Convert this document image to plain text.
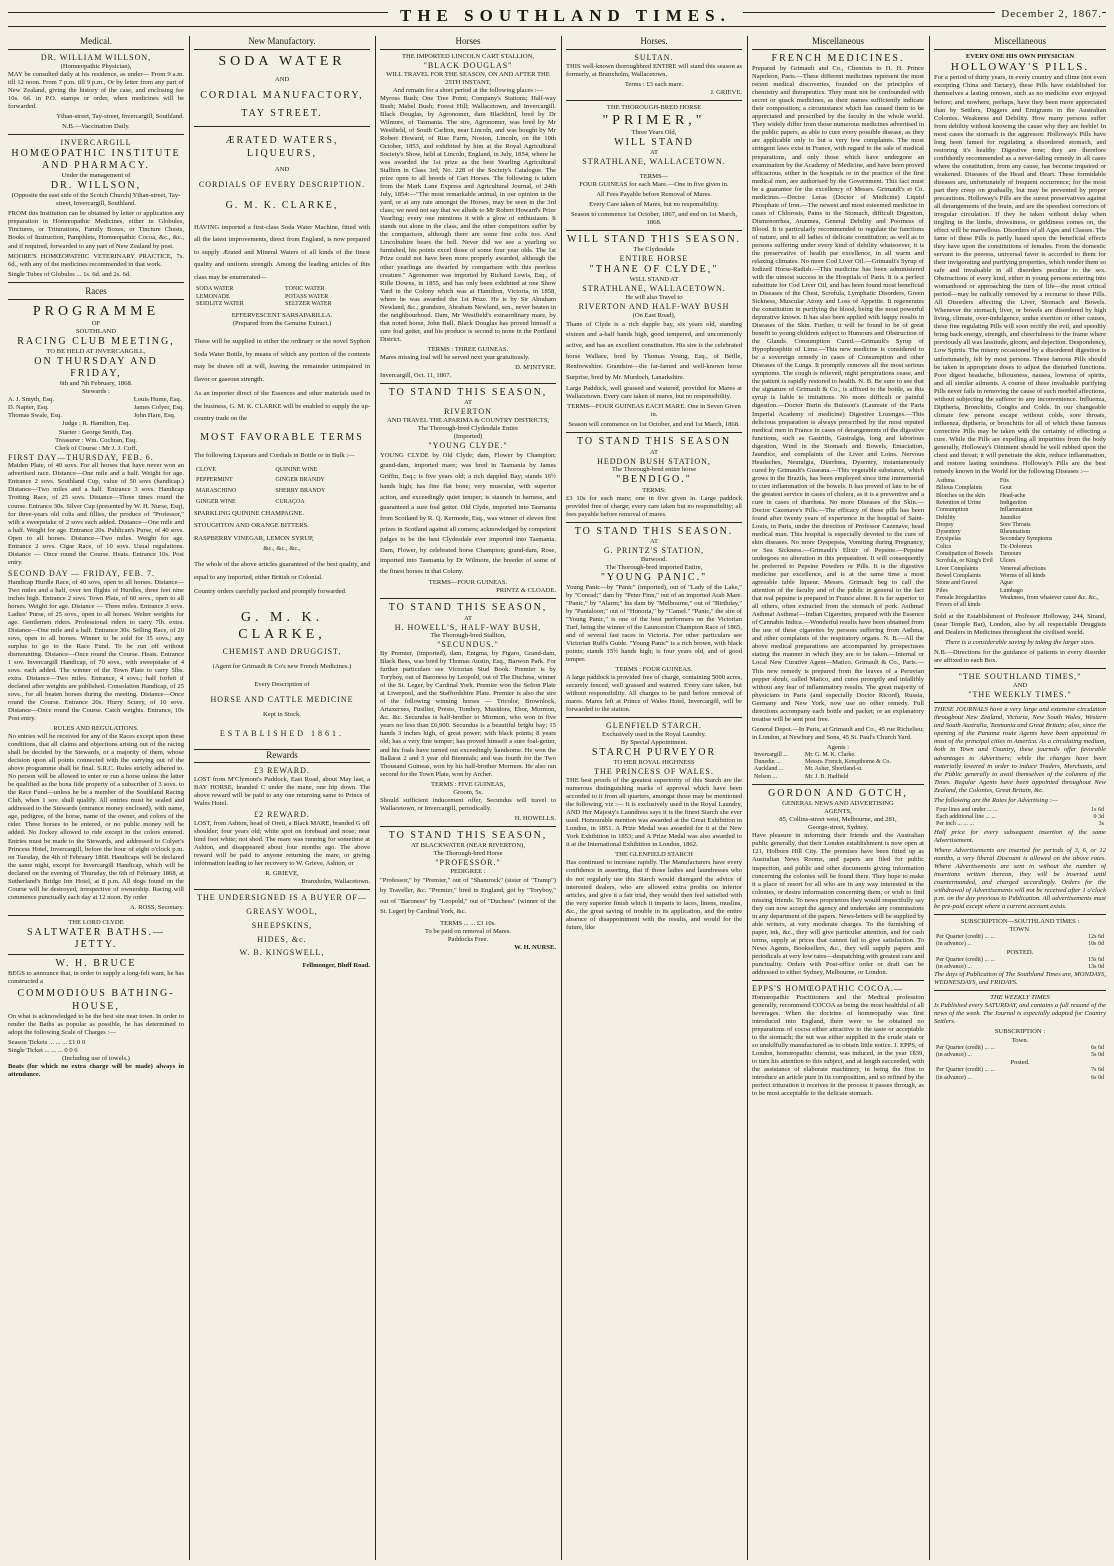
THE SOUTHLAND TIMES.	December 2, 1867.
Medical.
DR. WILLIAM WILLSON,
(Homœopathic Physician),

MAY be consulted daily at his residence, as under— From 9 a.m. till 12 noon. From 7 p.m. till 9 p.m., Or by letter from any part of New Zealand, giving the history of the case, and enclosing fee 10s. 6d. in P.O. stamps or order, when medicines will be forwarded.

Ythan-street, Tay-street, Invercargill, Southland.

N.B.—Vaccination Daily.
INVERCARGILL
HOMŒOPATHIC INSTITUTE
AND PHARMACY.
Under the management of
DR. WILLSON,

(Opposite the east side of the Scotch Church) Ythan-street, Tay-street, Invercargill, Southland.

FROM this Institution can be obtained by letter or application any preparation in Homœopathic Medicines, either in Globules, Tinctures, or Triturations, Family Boxes, or Tincture Chests, Books of Instruction, Pamphlets, Homœopathic Cocoa, &c., &c., and if required, forwarded to any part of New Zealand by post.

MOORE'S HOMŒOPATHIC VETERINARY PRACTICE, 7s. 6d., with any of the medicines recommended in that work.

Single Tubes of Globules ... 1s. 6d. and 2s. 6d.

Races
PROGRAMME
OF
SOUTHLAND
RACING CLUB MEETING,
TO BE HELD AT INVERCARGILL,
ON THURSDAY AND FRIDAY,
6th and 7th February, 1868.
Stewards :
A. J. Smyth, Esq.
D. Napier, Esq.
Thomas Swale, Esq.
Louis Hume, Esq.
James Colyer, Esq.
John Hare, Esq.
Judge : R. Hamilton, Esq.
Starter : George Smith, Esq.
Treasurer : Wm. Cochran, Esq.
Clerk of Course : Mr J. J. Cuff.
FIRST DAY—THURSDAY, FEB. 6.

Maiden Plate, of 40 sovs. For all horses that have never won an advertised race. Distance—One mile and a half. Weight for age. Entrance 2 sovs. Southland Cup, value of 50 sovs (handicap.) Distance—Two miles and a half. Entrance 3 sovs. Handicap Trotting Race, of 25 sovs. Distance—Three times round the course. Entrance 30s. Silver Cup (presented by W. H. Nurse, Esq), for three-years old colts and fillies, the produce of "Professor," with a sweepstake of 2 sovs each added. Distance—One mile and a half. Weight for age. Entrance 20s. Publican's Purse, of 40 sovs. Open to all horses. Distance—Two miles. Weight for age. Entrance 2 sovs. Cigar Race, of 10 sovs. Usual regulations. Distance — Once round the Course. Heats. Entrance 10s. Post entry.

SECOND DAY — FRIDAY, FEB. 7.

Handicap Hurdle Race, of 40 sovs, open to all horses. Distance—Two miles and a half, over ten flights of Hurdles, three feet nine inches high. Entrance 2 sovs. Town Plate, of 60 sovs., open to all horses. Weight for age. Distance — Three miles. Entrance 3 sovs. Ladies' Purse, of 25 sovs., open to all horses. Welter weights for age. Gentlemen riders. Professional riders to carry 7lb. extra. Distance—One mile and a half. Entrance 30s. Selling Race, of 20 sovs, open to all horses. Winner to be sold for 35 sovs.; any surplus to go to the Race Fund. To be run off without dismounting. Distance—Once round the Course. Heats. Entrance 1 sov. Invercargill Handicap, of 70 sovs., with sweepstake of 4 sovs. each added. The winner of the Town Plate to carry 5lbs. extra. Distance—Two miles. Entrance, 4 sovs.; half forfeit if declared after weights are published. Consolation Handicap, of 25 sovs., for all beaten horses during the meeting. Distance—Once round the Course. Entrance 20s. Hurry Scurry, of 10 sovs. Distance—Once round the Course. Catch weights. Entrance, 10s Post entry.

RULES AND REGULATIONS.

No entries will be received for any of the Races except upon these conditions, that all claims and objections arising out of the racing shall be decided by the Stewards, or a majority of them, whose decision upon all points connected with the carrying out of the above programme shall be final. S.R.C. Rules strictly adhered to. No person will be allowed to enter or run a horse unless the latter be qualified as the bona fide property of a subscriber of 3 sovs. to the Race Fund—unless he be a member of the Southland Racing Club, when 1 sov. shall qualify. All entries must be sealed and addressed to the Stewards (entrance money enclosed), with name, age, pedigree, of the horse, name of the owner, and colors of the rider. Three horses to be entered, or no public money will be added. No Jockey allowed to ride except in the colors entered. Entries must be made to the Stewards, and addressed to Colyer's Princess Hotel, Invercargill, before the hour of eight o'clock p.m. on Tuesday, the 4th of February 1868. Handicaps will be declared the same night, except for Invercargill Handicap, which will be declared on the evening of Thursday, the 6th of February 1868, at Sutherland's Bridge Inn Hotel, at 8 p.m. All dogs found on the Course will be destroyed, irrespective of ownership. Racing will commence punctually each day at 12 noon. By order

A. ROSS, Secretary.

THE LORD CLYDE
SALTWATER BATHS.—JETTY.
W. H. BRUCE

BEGS to announce that, in order to supply a long-felt want, he has constructed a

COMMODIOUS BATHING-HOUSE,

On what is acknowledged to be the best site near town. In order to render the Baths as popular as possible, he has determined to adopt the following Scale of Charges :—

Season Tickets ... ... ... £1 0 0
Single Ticket ... ... ... 0 0 6
(Including use of towels.)

Boats (for which no extra charge will be made) always in attendance.

New Manufactory.
SODA WATER
AND
CORDIAL MANUFACTORY,
TAY STREET.
ÆRATED WATERS, LIQUEURS,
AND
CORDIALS OF EVERY DESCRIPTION.
G. M. K. CLARKE,

HAVING imported a first-class Soda Water Machine, fitted with all the latest improvements, direct from England, is now prepared to supply Ærated and Mineral Waters of all kinds of the finest quality and uniform strength. Among the leading articles of this class may be enumerated—

SODA WATER	TONIC WATER
LEMONADE	POTASS WATER
SEIDLITZ WATER	SELTZER WATER
EFFERVESCENT SARSAPARILLA.
(Prepared from the Genuine Extract.)

These will be supplied in either the ordinary or the novel Syphon Soda Water Bottle, by means of which any portion of the contents may be drawn off at will, leaving the remainder unimpaired in flavor or gaseous strength.

As an importer direct of the Essences and other materials used in the business, G. M. K. CLARKE will be enabled to supply the up-country trade on the

MOST FAVORABLE TERMS

The following Liqueurs and Cordials in Bottle or in Bulk :—

CLOVE	QUININE WINE
PEPPERMINT	GINGER BRANDY
MARASCHINO	SHERRY BRANDY
GINGER WINE	CURAÇOA
SPARKLING QUININE CHAMPAGNE.
STOUGHTON AND ORANGE BITTERS.
RASPBERRY VINEGAR, LEMON SYRUP,
&c., &c., &c.,

The whole of the above articles guaranteed of the best quality, and equal to any imported, either British or Colonial.

Country orders carefully packed and promptly forwarded.

G. M. K. CLARKE,
CHEMIST AND DRUGGIST,
(Agent for Grimault & Co's new French Medicines.)
Every Description of
HORSE AND CATTLE MEDICINE
Kept in Stock.
ESTABLISHED 1861.
Rewards
£3 REWARD.

LOST from M'Clymont's Paddock, East Road, about May last, a BAY HORSE, branded C under the mane, one hip down. The above reward will be paid to any one returning same to Prince of Wales Hotel.

£2 REWARD.

LOST, from Ashton, head of Oreti, a Black MARE, branded G off shoulder; four years old; white spot on forehead and nose; near hind foot white; not shod. The mare was running for sometime at Ashton, and disappeared about four months ago. The above reward will be paid to anyone returning the mare, or giving information leading to her recovery to W. Grieve, Ashton, or

R. GRIEVE,
Branxholm, Wallacetown.
THE UNDERSIGNED IS A BUYER OF—
GREASY WOOL,
SHEEPSKINS,
HIDES, &c.
W. B. KINGSWELL,
Fellmonger, Bluff Road.
Horses
THE IMPORTED LINCOLN CART STALLION,
"BLACK DOUGLAS"
WILL TRAVEL FOR THE SEASON, ON AND AFTER THE 25TH INSTANT,
And remain for a short period at the following places :—

Myross Bush; One Tree Point; Company's Stations; Half-way Bush; Mabel Bush; Forest Hill; Wallacetown, and Invercargill. Black Douglas, by Agronomer, dam Blackbird, bred by Dr Wilmore, of Tasmania. The sire, Agronomer, was bred by Mr Westfield, of South Carlton, near Lincoln, and was bought by Mr Robert Howard, of Rise Farm, Noston, Lincoln, on the 10th October, 1853, and exhibited by him at the Royal Agricultural Society's Show, held at Lincoln, England, in July, 1854, where he was awarded the 1st prize as the best Yearling Agricultural Stallion in Class 3rd, No. 228 of the Society's Catalogue. The prize open to all breeds of Cart Horses. The following is taken from the Mark Lane Express and Agricultural Journal, of 24th July, 1854:—"The most remarkable animal, in our opinion in the yard, or at any rate amongst the Horses, may be seen in the 3rd class; we need not say that we allude to Mr Robert Howard's Prize Yearling; every one mentions it with a glow of enthusiasm. It stands out alone in the class, and the other competitors suffer by the comparison, although there are some fine colts too. And Lincolnshire bears the bell. Never did we see a yearling so furnished, his points excel those of some four year olds. The 1st Prize could not have been more properly awarded, although the other yearlings are dwarfed by comparison with this peerless creature." Agronomer was imported by Richard Lewis, Esq., of Rifle Downs, in 1855, and has only been exhibited at one Show Yard in the Colony which was at Hamilton, Victoria, in 1858, where he was awarded the 1st Prize. He is by Sir Abraham Newland, &c.; grandsire, Abraham Newland, sen., never beaten in the neighbourhood. Dam, Mr Westfield's extraordinary mare, by that noted horse, John Bull. Black Douglas has proved himself a sure foal getter, and his produce is second to none in the Portland District.

TERMS : THREE GUINEAS.

Mares missing foal will be served next year gratuitously.

D. M'INTYRE.
Invercargill, Oct. 11, 1867.
TO STAND THIS SEASON,
AT
RIVERTON
AND TRAVEL THE APARIMA & COUNTRY DISTRICTS,
The Thorough-bred Clydesdale Entire
(Imported)
"YOUNG CLYDE."

YOUNG CLYDE by Old Clyde; dam, Flower by Champion; grand-dam, imported mare; was bred in Tasmania by James Griffin, Esq.; is five years old; a rich dappled Bay; stands 16½ hands high; has fine flat bone; very muscular, with superior action, and exceedingly quiet temper; is staunch in harness, and guaranteed a sure foal getter. Old Clyde, imported into Tasmania from Scotland by R. Q. Kermode, Esq., was winner of eleven first prizes in Scotland against all comers; acknowledged by competent judges to be the best Clydesdale ever imported into Tasmania. Dam, Flower, by celebrated horse Champion; grand-dam, Rose, imported into Tasmania by Dr Wilmore, the breeder of some of the finest horses in that Colony.

TERMS—FOUR GUINEAS.
PRINTZ & CLOADE.
TO STAND THIS SEASON,
AT
H. HOWELL'S, HALF-WAY BUSH,
The Thorough-bred Stallion,
"SECUNDUS."

By Premier, (imported), dam, Enigma, by Figaro, Grand-dam, Black Bess, was bred by Thomas Austin, Esq., Barwon Park. For further particulars see Victorian Stud Book. Premier is by Toryboy, out of Baroness by Leopold, out of The Duchess, winner of the St. Leger, by Cardinal York. Premier won the Sefton Plate at Liverpool, and the Staffordshire Plate. Premier is also the sire of the following winning horses — Tricolor, Brownlock, Artaxerxes, Fusilier, Presto, Tomboy, Musidora, Ebor, Mormon, &c. &c. Secundus is half-brother to Mormon, who won in five years no less than £6,900. Secundus is a beautiful bright bay; 15 hands 3 inches high, of great power; with black points; 8 years old; has a very fine temper; has proved himself a sure foal-getter, and his foals have turned out exceedingly handsome. He won the Ballarat 2 and 3 year old Biennials; and was fourth for the Two Thousand Guineas, won by his half-brother Mormon. He also ran second for the Town Plate, won by Archer.

TERMS : FIVE GUINEAS,
Groom, 5s.

Should sufficient inducement offer, Secundus will travel to Wallacetown, or Invercargill, periodically.

H. HOWELLS.
TO STAND THIS SEASON,
AT BLACKWATER (NEAR RIVERTON),
The Thorough-bred Horse
"PROFESSOR."
PEDIGREE :

"Professor," by "Premier," out of "Shamrock" (sister of "Tramp") by Traveller, &c. "Premier," bred in England, got by "Toryboy," out of "Baroness" by "Leopold," out of "Duchess" (winner of the St. Leger) by Cardinal York, &c.

TERMS ... ... £3 10s.
To be paid on removal of Mares.
Paddocks Free.
W. H. NURSE.
Horses.
SULTAN.

THIS well-known thoroughbred ENTIRE will stand this season as formerly, at Branxholm, Wallacetown.

Terms : £3 each mare.
J. GRIEVE.
THE THOROUGH-BRED HORSE
"PRIMER,"
Three Years Old,
WILL STAND
AT
STRATHLANE, WALLACETOWN.
TERMS—

FOUR GUINEAS for each Mare.—One in five given in.

All Fees Payable before Removal of Mares.

Every Care taken of Mares, but no responsibility.

Season to commence 1st October, 1867, and end on 1st March, 1868.

WILL STAND THIS SEASON.
The Clydesdale
ENTIRE HORSE
"THANE OF CLYDE,"
WILL STAND AT
STRATHLANE, WALLACETOWN.
He will also Travel to
RIVERTON AND HALF-WAY BUSH
(On East Road),

Thane of Clyde is a rich dapple bay, six years old, standing sixteen and a-half hands high, good tempered, and uncommonly active, and has an excellent constitution. His sire is the celebrated horse Wallace, bred by Thomas Young, Esq., of Beille, Renfrewshire. Grandsire—the far-famed and well-known horse Surprise, bred by Mr. Murdoch, Lanarkshire.

Large Paddock, well grassed and watered, provided for Mares at Wallacetown. Every care taken of mares, but no responsibility.

TERMS—FOUR GUINEAS EACH MARE. One in Seven Given in.

Season will commence on 1st October, and end 1st March, 1868.

TO STAND THIS SEASON
AT
HEDDON BUSH STATION,
The Thorough-bred entire horse
"BENDIGO."
TERMS:

£3 10s for each mare; one in five given in. Large paddock provided free of charge; every care taken but no responsibility; all fees payable before removal of mares.

TO STAND THIS SEASON.
AT
G. PRINTZ'S STATION,
Burwood.
The Thorough-bred imported Entire,
"YOUNG PANIC."

Young Panic—by "Panic" (imported), out of "Lady of the Lake," by "Conrad;" dam by "Peter Finn," out of an imported Arab Mare. "Panic," by "Alarm;" his dam by "Melbourne," out of "Birthday," by "Pantaloon;" out of "Honoria," by "Camel." "Panic," the sire of "Young Panic," is one of the best performers on the Victorian Turf, being the winner of the Launceston Champion Race of 1865, and of several fast races in Victoria. For other particulars see Victorian Ruff's Guide. "Young Panic" is a rich brown, with black points; stands 15½ hands high; is four years old, and of good temper.

TERMS : FOUR GUINEAS.

A large paddock is provided free of charge, containing 5000 acres, securely fenced, well grassed and watered. Every care taken, but without responsibility. All charges to be paid before removal of mares. Mares left at Prince of Wales Hotel, Invercargill, will be forwarded to the station.

GLENFIELD STARCH.
Exclusively used in the Royal Laundry.
By Special Appointment.
STARCH PURVEYOR
TO HER ROYAL HIGHNESS
THE PRINCESS OF WALES.

THE best proofs of the greatest superiority of this Starch are the numerous distinguishing marks of approval which have been accorded to it from all quarters, amongst those may be mentioned the following, viz :— It is exclusively used in the Royal Laundry, AND Her Majesty's Laundress says it is the finest Starch she ever used. Honourable mention was awarded at the Great Exhibition in London, in 1851. A Prize Medal was awarded for it at the New York Exhibition in 1853; and A Prize Medal was also awarded to it at the International Exhibition in London, 1862.

THE GLENFIELD STARCH

Has continued to increase rapidly. The Manufacturers have every confidence in asserting, that if those ladies and laundresses who do not regularly use this Starch would disregard the advice of interested dealers, who are allowed extra profits on inferior articles, and give it a fair trial, they would then feel satisfied with the very superior finish which it imparts to laces, linens, muslins, &c., the great saving of trouble in its application, and the entire absence of disappointment with the results, and would for the future, like

Miscellaneous
FRENCH MEDICINES.

Prepared by Grimault and Co., Chemists to H. H. Prince Napoleon, Paris.—These different medicines represent the most recent medical discoveries, founded on the principles of chemistry and therapeutics. They must not be confounded with secret or quack medicines, as their names sufficiently indicate their composition; a circumstance which has caused them to be appreciated and prescribed by the faculty in the whole world. They widely differ from those numerous medicines advertised in the public papers, as able to cure every possible disease, as they are applicable only to but a very few complaints. The most stringent laws exist in France, with regard to the sale of medical preparations, and only those which have undergone an examination by the Academy of Medicine, and have been proved efficacious, either in the hospitals or in the practice of the first medical men, are authorised by the Government. This fact must be a guarantee for the excellency of Messrs. Grimault's et Co. medicines.—Doctor Leras (Doctor of Medicine) Liquid Phosphate of Iron.—The newest and most esteemed medicine in cases of Chlorosis, Pains in the Stomach, difficult Digestion, Dismenorrhea, Anæmea, General Debility and Poorness of Blood. It is particularly recommended to regulate the functions of nature, and to all ladies of delicate constitution; as well as to persons suffering under every kind of debility whatsoever, it is the preservative of health par excellence, in all warm and relaxing climates. No more Cod Liver Oil.—Grimault's Syrup of Iodized Horse-Radish.—This medicine has been administered with the utmost success in the Hospitals of Paris. It is a perfect substitute for Cod Liver Oil, and has been found most beneficial in Diseases of the Chest, Scrofula, Lymphatic Disorders, Green Sickness, Muscular Atony and Loss of Appetite. It regenerates the constitution in purifying the blood, being the most powerful depurative known. It has also been applied with happy results in Diseases of the Skin. Further, it will be found to be of great benefit to young children subject to Humours and Obstruction of the Glands. Consumption Cured.—Grimault's Syrup of Hypophosphite of Lime.—This new medicine is considered to be a sovereign remedy in cases of Consumption and other Diseases of the Lungs. It promptly removes all the most serious symptoms. The cough is relieved, night perspirations cease, and the patient is rapidly restored to health. N. B. Be sure to see that the signature of Grimault & Co., is affixed to the bottle, as this syrup is liable to imitations. No more difficult or painful digestion.—Doctor Burin du Buisson's (Laureate of the Paris Imperial Academy of medicine) Digestive Lozenges.—This delicious preparation is always prescribed by the most reputed medical men in France in cases of derangements of the digestive functions, such as Gastritis, Gastralgia, long and laborious digestion, Wind in the Stomach and Bowels, Emaciation, Jaundice, and complaints of the Liver and Loins. Nervous Headaches, Neuralgia, Diarrhœa, Dysentry, instantaneously cured by Grimault's Guarana.—This vegetable substance, which grows in the Brazils, has been employed since time immemorial to cure inflammation of the bowels. It has proved of late to be of the greatest service in cases of cholera, as it is a preventive and a cure in cases of diarrhœa. No more Diseases of the Skin.—Doctor Cazenave's Pills.—The efficacy of these pills has been found after twenty years of experience in the hospital of Saint-Louis, in Paris, under the direction of Professor Cazenave, head medical man. This hospital is especially devoted to the cure of skin diseases. No more Dyspepsia, Vomiting during Pregnancy, or Sea Sickness.—Grimault's Elixir of Pepsine.—Pepsine undergoes no alteration in this preparation. It will consequently be preferred to Pepsine Powders or Pills. It is the digestive medicine par excellence, and is at the same time a most agreeable table liqueur. Messrs. Grimault beg to call the attention of the faculty and of the public in general to the fact that real pepsine is prepared in France alone. It is far superior to all others, often extracted from the stomach of pork. Asthma! Asthma! Asthma!—Indian Cigarettes, prepared with the Essence of Cannabis Indica.—Wonderful results have been obtained from the use of these cigarettes by persons suffering from Asthma, and other complaints of the respiratory organs. N. B.—All the above medical preparations are accompanied by prospectuses stating the manner in which they are to be taken.—Internal or Local New Curative Agent—Matico. Grimault & Co., Paris.—This new remedy is prepared from the leaves of a Peruvian pepper shrub, called Matico, and cures promptly and infallibly without any fear of inflammatory results. The great majority of physicians in Paris (and especially Doctor Ricord), Russia, Germany and New York, now use no other remedy. Full directions accompany each bottle and packet; or an explanatory treatise will be sent post free.

General Depot.—In Paris, at Grimault and Co., 45 rue Richelieu; in London, at Newbury and Sons, 45 St. Paul's Church Yard.

Agents :
Invercargill ...	Mr. G. M. K. Clarke.
Dunedin ...	Messrs. French, Kempthorne & Co.
Auckland ...	Mr. Asher, Shortland-st.
Nelson ...	Mr. J. B. Hadfield
GORDON AND GOTCH,
GENERAL NEWS AND ADVERTISING
AGENTS,
85, Collins-street west, Melbourne, and 281,
George-street, Sydney.

Have pleasure in informing their friends and the Australian public generally, that their London establishment is now open at 121, Holborn Hill City. The premises have been fitted up as Australian News Rooms, and papers are filed for public inspection, and public and other documents giving information concerning the colonies will be found there. They hope to make it a place of resort for all who are in any way interested in the colonies, or desire information concerning them, or wish to find missing friends. To news proprietors they would respectfully say they can now accept the agency and undertake any commissions in any department of the papers. News-letters will be supplied by able writers, at very moderate charges. To the furnishing of paper, ink, &c., they will give particular attention, and for cash terms, supply at prices that cannot fail to give satisfaction. To News Agents, Booksellers, &c., they will supply papers and periodicals at very low rates—despatching with greatest care and punctuality. Orders with Post-office order or draft can be addressed to either Sydney, Melbourne, or London.

EPPS'S HOMŒOPATHIC COCOA.—

Homœopathic Practitioners and the Medical profession generally, recommend COCOA as being the most healthful of all beverages. When the doctrine of homœopathy was first introduced into England, there were to be obtained no preparations of cocoa either attractive to the taste or acceptable to the stomach; the nut was either supplied in the crude state or so unskilfully manufactured as to obtain little notice. J. EPPS, of London, homœopathic chemist, was induced, in the year 1839, to turn his attention to this subject, and at length succeeded, with the assistance of elaborate machinery, in being the first to introduce an article pure in its composition, and so refined by the perfect trituration it receives in the process it passes through, as to be most acceptable to the delicate stomach.

Miscellaneous
EVERY ONE HIS OWN PHYSICIAN
HOLLOWAY'S PILLS.

For a period of thirty years, in every country and clime (not even excepting China and Tartary), these Pills have established for themselves a lasting renown, such as no medicine ever enjoyed before; and nowhere, perhaps, have they been more appreciated than by Settlers, Diggers and Emigrants in the Australian Colonies. Weakness and Debility. How many persons suffer from debility without knowing the cause why they are feeble! In most cases the stomach is the aggressor. Holloway's Pills have long been famed for regulating a disordered stomach, and restoring it's healthy Digestive tone; they are therefore confidently recommended as a never-failing remedy in all cases where the constitution, from any cause, has become impaired or weakened. Diseases of the Head and Heart. These formidable diseases are, unfortunately of frequent occurrence; for the most part they creep on gradually, but may be prevented by proper precautions. Holloway's Pills are the surest preservatives against all derangements of the brain, and are the speediest correctors of irregular circulation. If they be taken without delay when tingling in the limbs, drowsiness, or giddiness comes on, the effect will be marvellous. Disorders of all Ages and Classes. The fame of these Pills is partly based upon the beneficial effects they have upon the constitutions of females. From the domestic servant to the peeress, universal favor is accorded to them for their invigorating and purifying properties, which render them so safe and invaluable in all disorders peculiar to the sex. Obstructions of every kind, either in young persons entering into womanhood or approaching the turn of life—the most critical period—may be radically removed by a recourse to these Pills. All Disorders affecting the Liver, Stomach and Bowels. Whenever the stomach, liver, or bowels are disordered by high living, climate, over-indulgence, undue exertion or other causes, these fine regulating Pills will soon rectify the evil, and speedily bring back energy, strength, and cheerfulness to the frame where previously all was lassitude, gloom, and dejection. Despondency, Low Spirits. The misery occasioned by a disordered digestion is unfortunately, felt by most persons. These famous Pills should be taken in appropriate doses to adjust the disturbed functions. Poor digest headache, biliousness, nausea, lowness of spirits, and all similar ailments. A course of these invaluable purifying Pills never fails in removing the cause of such morbid affections, without subjecting the sufferer to any inconvenience. Influenza, Diptheria, Bronchitis, Coughs and Colds. In our changeable climate few persons escape without colds, sore throats, influenza, diptheria, or bronchitis for all of which these famous corrective Pills may be taken with the certainty of effecting a cure. While the Pills are expelling all impurities from the body generally, Holloway's Ointment should be well rubbed upon the chest and throat; it will penetrate the skin, reduce inflammation, and restore lasting soundness. Holloway's Pills are the best remedy known in the World for the following Diseases :—

Asthma	Fits
Bilious Complaints	Gout
Blotches on the skin	Head-ache
Retention of Urine	Indigestion
Consumption	Inflammation
Debility	Jaundice
Dropsy	Sore Throats
Dysentery	Rheumatism
Erysipelas	Secondary Symptoms
Colics	Tic-Doloreux
Constipation of Bowels	Tumours
Scrofula, or King's Evil	Ulcers
Liver Complaints	Venereal affections
Bowel Complaints	Worms of all kinds
Stone and Gravel	Ague
Piles	Lumbago
Female Irregularities	Weakness, from whatever cause &c. &c.,
Fevers of all kinds	

Sold at the Establishment of Professor Holloway, 244, Strand, (near Temple Bar), London, also by all respectable Druggists and Dealers in Medicines throughout the civilised world.

There is a considerable saving by taking the larger sizes.

N.B.—Directions for the guidance of patients in every disorder are affixed to each Box.

"THE SOUTHLAND TIMES,"
AND
"THE WEEKLY TIMES."

THESE JOURNALS have a very large and extensive circulation throughout New Zealand, Victoria, New South Wales, Western and South Australia, Tasmania and Great Britain; also, since the opening of the Panama route Agents have been appointed in most of the principal cities in America. As a circulating medium, both in Town and Country, these journals offer favorable advantages to Advertisers; while the charges have been materially lowered in order to induce Traders, Merchants, and the Public generally to avail themselves of the columns of the Times. Regular Agents have been appointed throughout New Zealand, the Colonies, Great Britain, &c.

The following are the Rates for Advertising :—

Four lines and under ... ...	1s 6d
Each additional line ... ...	0 3d
Per inch ... ... ...	3s

Half price for every subsequent insertion of the same Advertisement.

Where Advertisements are inserted for periods of 3, 6, or 12 months, a very liberal Discount is allowed on the above rates. Where Advertisements are sent in without the number of insertions written thereon, they will be inserted until countermanded, and charged accordingly. Orders for the withdrawal of Advertisements will not be received after 1 o'clock p.m. on the day previous to Publication. All advertisements must be pre-paid except where a current account exists.

SUBSCRIPTION—SOUTHLAND TIMES :
TOWN.
Per Quarter (credit) ... ...	12s 6d
(in advance) ...	10s 0d
POSTED.
Per Quarter (credit) ... ...	15s 6d
(in advance) ...	13s 0d

The days of Publication of The Southland Times are, MONDAYS, WEDNESDAYS, and FRIDAYS.

THE WEEKLY TIMES

Is Published every SATURDAY, and contains a full resumé of the news of the week. The Journal is especially adapted for Country Settlers.

SUBSCRIPTION :
Town.
Per Quarter (credit) ... ...	6s 6d
(in advance) ...	5s 0d
Posted.
Per Quarter (credit) ... ...	7s 6d
(in advance) ...	6s 0d
